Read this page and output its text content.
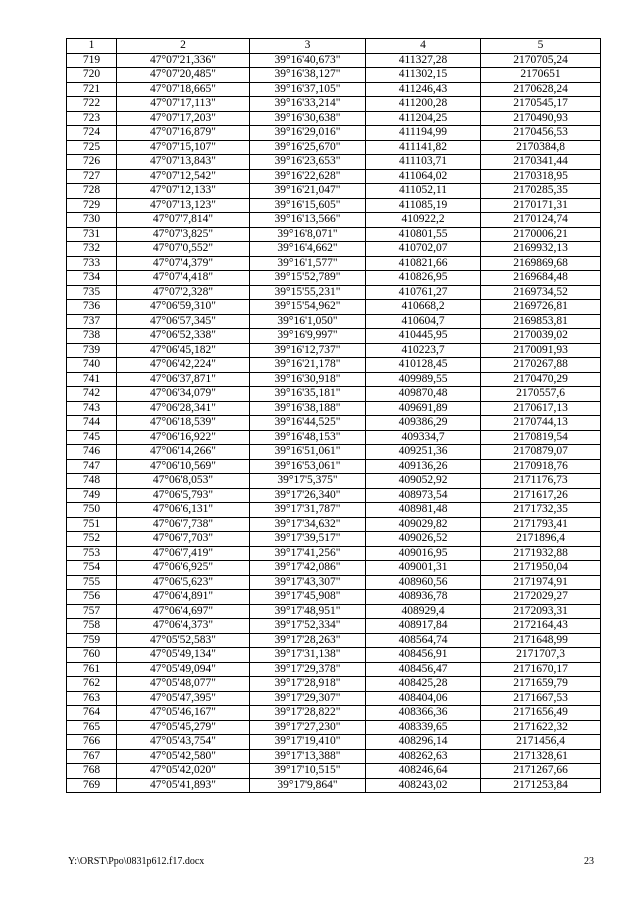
1	2	3	4	5
719	47°07'21,336"	39°16'40,673"	411327,28	2170705,24
720	47°07'20,485"	39°16'38,127"	411302,15	2170651
721	47°07'18,665"	39°16'37,105"	411246,43	2170628,24
722	47°07'17,113"	39°16'33,214"	411200,28	2170545,17
723	47°07'17,203"	39°16'30,638"	411204,25	2170490,93
724	47°07'16,879"	39°16'29,016"	411194,99	2170456,53
725	47°07'15,107"	39°16'25,670"	411141,82	2170384,8
726	47°07'13,843"	39°16'23,653"	411103,71	2170341,44
727	47°07'12,542"	39°16'22,628"	411064,02	2170318,95
728	47°07'12,133"	39°16'21,047"	411052,11	2170285,35
729	47°07'13,123"	39°16'15,605"	411085,19	2170171,31
730	47°07'7,814"	39°16'13,566"	410922,2	2170124,74
731	47°07'3,825"	39°16'8,071"	410801,55	2170006,21
732	47°07'0,552"	39°16'4,662"	410702,07	2169932,13
733	47°07'4,379"	39°16'1,577"	410821,66	2169869,68
734	47°07'4,418"	39°15'52,789"	410826,95	2169684,48
735	47°07'2,328"	39°15'55,231"	410761,27	2169734,52
736	47°06'59,310"	39°15'54,962"	410668,2	2169726,81
737	47°06'57,345"	39°16'1,050"	410604,7	2169853,81
738	47°06'52,338"	39°16'9,997"	410445,95	2170039,02
739	47°06'45,182"	39°16'12,737"	410223,7	2170091,93
740	47°06'42,224"	39°16'21,178"	410128,45	2170267,88
741	47°06'37,871"	39°16'30,918"	409989,55	2170470,29
742	47°06'34,079"	39°16'35,181"	409870,48	2170557,6
743	47°06'28,341"	39°16'38,188"	409691,89	2170617,13
744	47°06'18,539"	39°16'44,525"	409386,29	2170744,13
745	47°06'16,922"	39°16'48,153"	409334,7	2170819,54
746	47°06'14,266"	39°16'51,061"	409251,36	2170879,07
747	47°06'10,569"	39°16'53,061"	409136,26	2170918,76
748	47°06'8,053"	39°17'5,375"	409052,92	2171176,73
749	47°06'5,793"	39°17'26,340"	408973,54	2171617,26
750	47°06'6,131"	39°17'31,787"	408981,48	2171732,35
751	47°06'7,738"	39°17'34,632"	409029,82	2171793,41
752	47°06'7,703"	39°17'39,517"	409026,52	2171896,4
753	47°06'7,419"	39°17'41,256"	409016,95	2171932,88
754	47°06'6,925"	39°17'42,086"	409001,31	2171950,04
755	47°06'5,623"	39°17'43,307"	408960,56	2171974,91
756	47°06'4,891"	39°17'45,908"	408936,78	2172029,27
757	47°06'4,697"	39°17'48,951"	408929,4	2172093,31
758	47°06'4,373"	39°17'52,334"	408917,84	2172164,43
759	47°05'52,583"	39°17'28,263"	408564,74	2171648,99
760	47°05'49,134"	39°17'31,138"	408456,91	2171707,3
761	47°05'49,094"	39°17'29,378"	408456,47	2171670,17
762	47°05'48,077"	39°17'28,918"	408425,28	2171659,79
763	47°05'47,395"	39°17'29,307"	408404,06	2171667,53
764	47°05'46,167"	39°17'28,822"	408366,36	2171656,49
765	47°05'45,279"	39°17'27,230"	408339,65	2171622,32
766	47°05'43,754"	39°17'19,410"	408296,14	2171456,4
767	47°05'42,580"	39°17'13,388"	408262,63	2171328,61
768	47°05'42,020"	39°17'10,515"	408246,64	2171267,66
769	47°05'41,893"	39°17'9,864"	408243,02	2171253,84
Y:\ORST\Ppo\0831p612.f17.docx	23
